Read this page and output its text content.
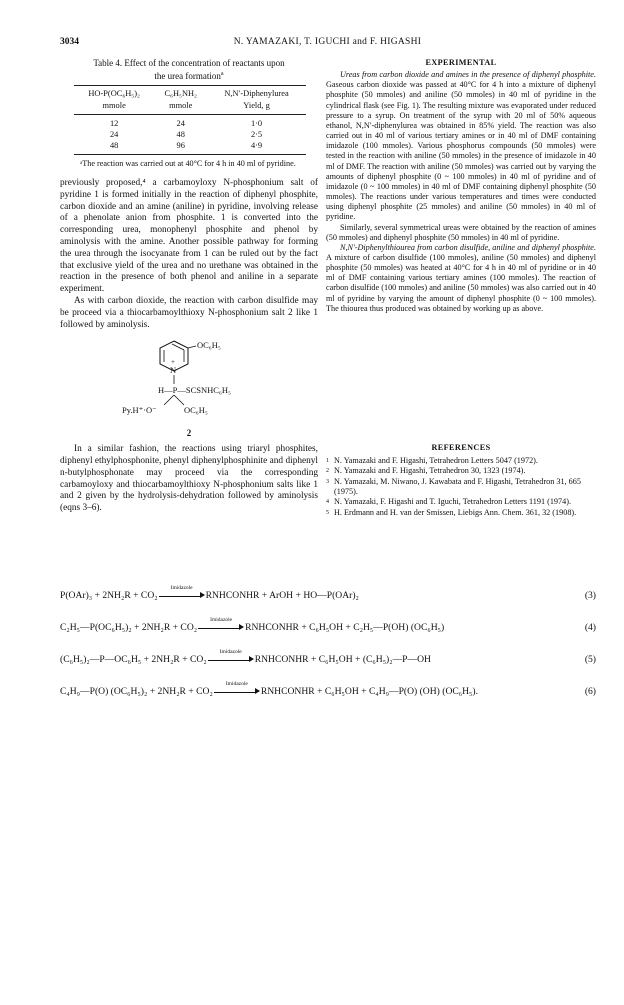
3034	N. YAMAZAKI, T. IGUCHI and F. HIGASHI
Table 4. Effect of the concentration of reactants upon
the urea formation$^a$
HO-P(OC₆H₅)₂	C₆H₅NH₂	N,N′-Diphenylurea
mmole	mmole	Yield, g
12	24	1·0
24	48	2·5
48	96	4·9
ᵃThe reaction was carried out at 40°C for 4 h in 40 ml of pyridine.

previously proposed,⁴ a carbamoyloxy N-phosphonium salt of pyridine 1 is formed initially in the reaction of diphenyl phosphite, carbon dioxide and an amine (aniline) in pyridine, involving release of a phenolate anion from phosphite. 1 is converted into the corresponding urea, monophenyl phosphite and phenol by aminolysis with the amine. Another possible pathway for forming the urea through the isocyanate from 1 can be ruled out by the fact that exclusive yield of the urea and no urethane was obtained in the reaction in the presence of both phenol and aniline in a separate experiment.

As with carbon dioxide, the reaction with carbon disulfide may be proceed via a thiocarbamoylthioxy N-phosphonium salt 2 like 1 followed by aminolysis.

OC₆H₅
N
+
H—P—SCSNHC₆H₅
Py.H⁺·O⁻	OC₆H₅
2

In a similar fashion, the reactions using triaryl phosphites, diphenyl ethylphosphonite, phenyl diphenylphosphinite and diphenyl n-butylphosphonate may proceed via the corresponding carbamoyloxy and thiocarbamoylthioxy N-phosphonium salts like 1 and 2 given by the hydrolysis-dehydration followed by aminolysis (eqns 3–6).

EXPERIMENTAL

Ureas from carbon dioxide and amines in the presence of diphenyl phosphite. Gaseous carbon dioxide was passed at 40°C for 4 h into a mixture of diphenyl phosphite (50 mmoles) and aniline (50 mmoles) in 40 ml of pyridine in the cylindrical flask (see Fig. 1). The resulting mixture was evaporated under reduced pressure to a syrup. On treatment of the syrup with 20 ml of 50% aqueous ethanol, N,N′-diphenylurea was obtained in 85% yield. The reaction was also carried out in 40 ml of various tertiary amines or in 40 ml of DMF containing imidazole (100 mmoles). Various phosphorus compounds (50 mmoles) were tested in the reaction with aniline (50 mmoles) in the presence of imidazole in 40 ml of DMF. The reaction with aniline (50 mmoles) was carried out by varying the amounts of diphenyl phosphite (0 ~ 100 mmoles) in 40 ml of pyridine and of imidazole (0 ~ 100 mmoles) in 40 ml of DMF containing diphenyl phosphite (50 mmoles). The reactions under various temperatures and times were conducted using diphenyl phosphite (25 mmoles) and aniline (50 mmoles) in 40 ml of pyridine.

Similarly, several symmetrical ureas were obtained by the reaction of amines (50 mmoles) and diphenyl phosphite (50 mmoles) in 40 ml of pyridine.

N,N′-Diphenylthiourea from carbon disulfide, aniline and diphenyl phosphite. A mixture of carbon disulfide (100 mmoles), aniline (50 mmoles) and diphenyl phosphite (50 mmoles) was heated at 40°C for 4 h in 40 ml of pyridine or in 40 ml of DMF containing various tertiary amines (100 mmoles). The reaction of carbon disulfide (100 mmoles) and aniline (50 mmoles) was also carried out in 40 ml of pyridine by varying the amount of diphenyl phosphite (0 ~ 100 mmoles). The thiourea thus produced was obtained by working up as above.

REFERENCES
1 N. Yamazaki and F. Higashi, Tetrahedron Letters 5047 (1972).
2 N. Yamazaki and F. Higashi, Tetrahedron 30, 1323 (1974).
3 N. Yamazaki, M. Niwano, J. Kawabata and F. Higashi, Tetrahedron 31, 665 (1975).
4 N. Yamazaki, F. Higashi and T. Iguchi, Tetrahedron Letters 1191 (1974).
5 H. Erdmann and H. van der Smissen, Liebigs Ann. Chem. 361, 32 (1908).
P(OAr)₃ + 2NH₂R + CO₂
Imidazole
RNHCONHR + ArOH + HO—P(OAr)₂	(3)
C₂H₅—P(OC₆H₅)₂ + 2NH₂R + CO₂
Imidazole
RNHCONHR + C₆H₅OH + C₂H₅—P(OH) (OC₆H₅)	(4)
(C₆H₅)₂—P—OC₆H₅ + 2NH₂R + CO₂
Imidazole
RNHCONHR + C₆H₅OH + (C₆H₅)₂—P—OH	(5)
C₄H₉—P(O) (OC₆H₅)₂ + 2NH₂R + CO₂
Imidazole
RNHCONHR + C₆H₅OH + C₄H₉—P(O) (OH) (OC₆H₅).	(6)
